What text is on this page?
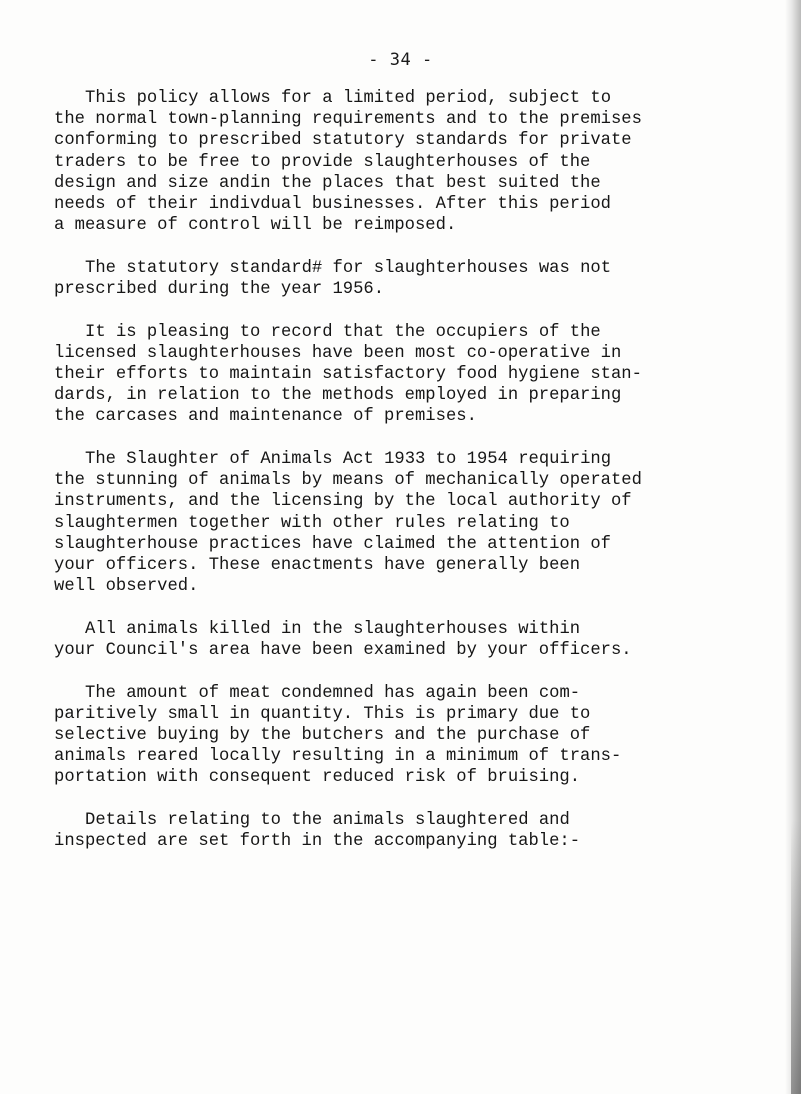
- 34 -
This policy allows for a limited period, subject to
the normal town-planning requirements and to the premises
conforming to prescribed statutory standards for private
traders to be free to provide slaughterhouses of the
design and size andin the places that best suited the
needs of their indivdual businesses. After this period
a measure of control will be reimposed.
The statutory standard# for slaughterhouses was not
prescribed during the year 1956.
It is pleasing to record that the occupiers of the
licensed slaughterhouses have been most co-operative in
their efforts to maintain satisfactory food hygiene stan-
dards, in relation to the methods employed in preparing
the carcases and maintenance of premises.
The Slaughter of Animals Act 1933 to 1954 requiring
the stunning of animals by means of mechanically operated
instruments, and the licensing by the local authority of
slaughtermen together with other rules relating to
slaughterhouse practices have claimed the attention of
your officers. These enactments have generally been
well observed.
All animals killed in the slaughterhouses within
your Council's area have been examined by your officers.
The amount of meat condemned has again been com-
paritively small in quantity. This is primary due to
selective buying by the butchers and the purchase of
animals reared locally resulting in a minimum of trans-
portation with consequent reduced risk of bruising.
Details relating to the animals slaughtered and
inspected are set forth in the accompanying table:-
